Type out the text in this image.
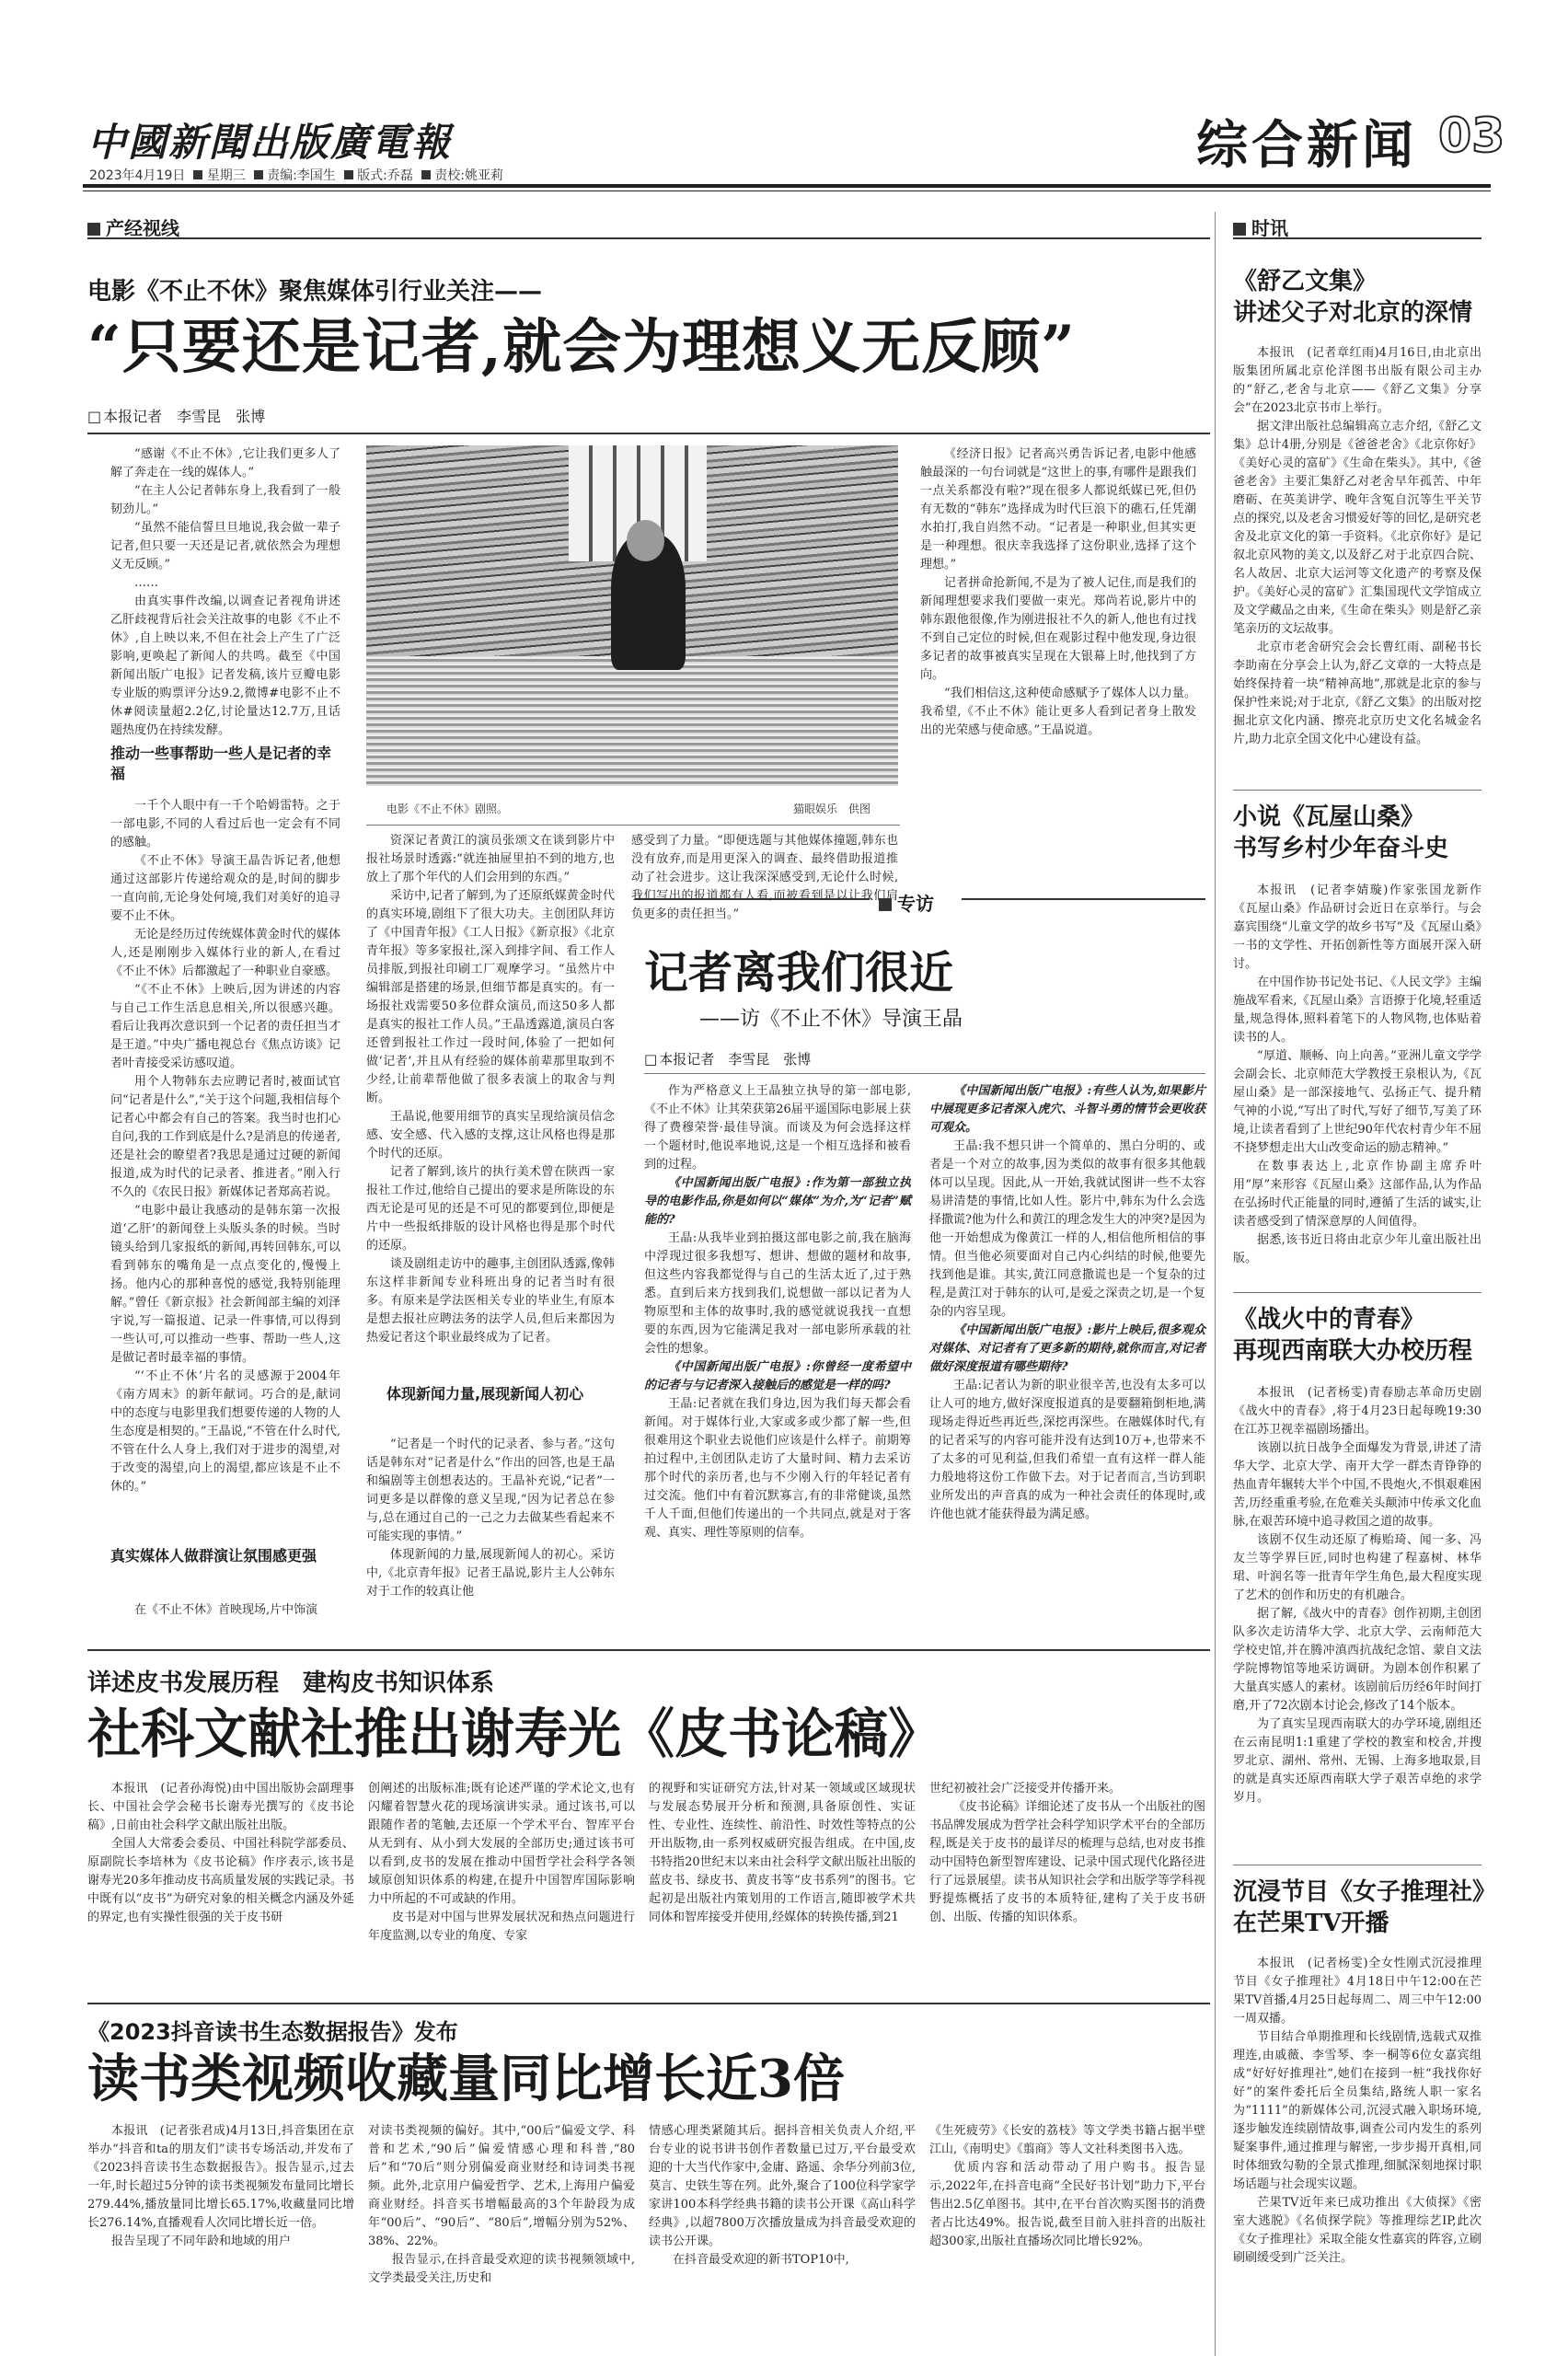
中國新聞出版廣電報
2023年4月19日 星期三 责编:李国生 版式:乔磊 责校:姚亚莉	综合新闻 03
产经视线	时讯
电影《不止不休》聚焦媒体引行业关注——
“只要还是记者,就会为理想义无反顾”
□ 本报记者　李雪昆　张博

“感谢《不止不休》,它让我们更多人了解了奔走在一线的媒体人。”

“在主人公记者韩东身上,我看到了一般韧劲儿。”

“虽然不能信誓旦旦地说,我会做一辈子记者,但只要一天还是记者,就依然会为理想义无反顾。”

……

由真实事件改编,以调查记者视角讲述乙肝歧视背后社会关注故事的电影《不止不休》,自上映以来,不但在社会上产生了广泛影响,更唤起了新闻人的共鸣。截至《中国新闻出版广电报》记者发稿,该片豆瓣电影专业版的购票评分达9.2,微博#电影不止不休#阅读量超2.2亿,讨论量达12.7万,且话题热度仍在持续发酵。

推动一些事帮助一些人是记者的幸福

一千个人眼中有一千个哈姆雷特。之于一部电影,不同的人看过后也一定会有不同的感触。

《不止不休》导演王晶告诉记者,他想通过这部影片传递给观众的是,时间的脚步一直向前,无论身处何境,我们对美好的追寻要不止不休。

无论是经历过传统媒体黄金时代的媒体人,还是刚刚步入媒体行业的新人,在看过《不止不休》后都激起了一种职业自豪感。

“《不止不休》上映后,因为讲述的内容与自己工作生活息息相关,所以很感兴趣。看后让我再次意识到一个记者的责任担当才是王道。”中央广播电视总台《焦点访谈》记者叶青接受采访感叹道。

用个人物韩东去应聘记者时,被面试官问“记者是什么”,“关于这个问题,我相信每个记者心中都会有自己的答案。我当时也扪心自问,我的工作到底是什么?是消息的传递者,还是社会的瞭望者?我思是通过过硬的新闻报道,成为时代的记录者、推进者。”刚入行不久的《农民日报》新媒体记者郑高若说。

“电影中最让我感动的是韩东第一次报道‘乙肝’的新闻登上头版头条的时候。当时镜头给到几家报纸的新闻,再转回韩东,可以看到韩东的嘴角是一点点变化的,慢慢上扬。他内心的那种喜悦的感觉,我特别能理解。”曾任《新京报》社会新闻部主编的刘泽宇说,写一篇报道、记录一件事情,可以得到一些认可,可以推动一些事、帮助一些人,这是做记者时最幸福的事情。

“‘不止不休’片名的灵感源于2004年《南方周末》的新年献词。巧合的是,献词中的态度与电影里我们想要传递的人物的人生态度是相契的。”王晶说,“不管在什么时代,不管在什么人身上,我们对于进步的渴望,对于改变的渴望,向上的渴望,都应该是不止不休的。”

真实媒体人做群演让氛围感更强

在《不止不休》首映现场,片中饰演

电影《不止不休》剧照。	猫眼娱乐　供图

资深记者黄江的演员张颂文在谈到影片中报社场景时透露:“就连抽屉里拍不到的地方,也放上了那个年代的人们会用到的东西。”

采访中,记者了解到,为了还原纸媒黄金时代的真实环境,剧组下了很大功夫。主创团队拜访了《中国青年报》《工人日报》《新京报》《北京青年报》等多家报社,深入到排字间、看工作人员排版,到报社印刷工厂观摩学习。“虽然片中编辑部是搭建的场景,但细节都是真实的。有一场报社戏需要50多位群众演员,而这50多人都是真实的报社工作人员。”王晶透露道,演员白客还曾到报社工作过一段时间,体验了一把如何做‘记者’,并且从有经验的媒体前辈那里取到不少经,让前辈帮他做了很多表演上的取舍与判断。

王晶说,他要用细节的真实呈现给演员信念感、安全感、代入感的支撑,这让风格也得是那个时代的还原。

记者了解到,该片的执行美术曾在陕西一家报社工作过,他给自己提出的要求是所陈设的东西无论是可见的还是不可见的都要到位,即便是片中一些报纸排版的设计风格也得是那个时代的还原。

谈及剧组走访中的趣事,主创团队透露,像韩东这样非新闻专业科班出身的记者当时有很多。有原来是学法医相关专业的毕业生,有原本是想去报社应聘法务的法学人员,但后来都因为热爱记者这个职业最终成为了记者。

体现新闻力量,展现新闻人初心

“记者是一个时代的记录者、参与者。”这句话是韩东对“记者是什么”作出的回答,也是王晶和编剧等主创想表达的。王晶补充说,“记者”一词更多是以群像的意义呈现,“因为记者总在参与,总在通过自己的一己之力去做某些看起来不可能实现的事情。”

体现新闻的力量,展现新闻人的初心。采访中,《北京青年报》记者王晶说,影片主人公韩东对于工作的较真让他

感受到了力量。“即便选题与其他媒体撞题,韩东也没有放弃,而是用更深入的调查、最终借助报道推动了社会进步。这让我深深感受到,无论什么时候,我们写出的报道都有人看,而被看到是以让我们肩负更多的责任担当。”

《经济日报》记者高兴勇告诉记者,电影中他感触最深的一句台词就是“这世上的事,有哪件是跟我们一点关系都没有啦?”现在很多人都说纸媒已死,但仍有无数的“韩东”选择成为时代巨浪下的礁石,任凭潮水拍打,我自岿然不动。“记者是一种职业,但其实更是一种理想。很庆幸我选择了这份职业,选择了这个理想。”

记者拼命抢新闻,不是为了被人记住,而是我们的新闻理想要求我们要做一束光。郑尚若说,影片中的韩东跟他很像,作为刚进报社不久的新人,他也有过找不到自己定位的时候,但在观影过程中他发现,身边很多记者的故事被真实呈现在大银幕上时,他找到了方向。

“我们相信这,这种使命感赋予了媒体人以力量。我希望,《不止不休》能让更多人看到记者身上散发出的光荣感与使命感。”王晶说道。

专访
记者离我们很近
——访《不止不休》导演王晶
□ 本报记者　李雪昆　张博

作为严格意义上王晶独立执导的第一部电影,《不止不休》让其荣获第26届平遥国际电影展上获得了费穆荣誉·最佳导演。而谈及为何会选择这样一个题材时,他说率地说,这是一个相互选择和被看到的过程。

《中国新闻出版广电报》:作为第一部独立执导的电影作品,你是如何以“媒体”为介,为“记者”赋能的?

王晶:从我毕业到拍摄这部电影之前,我在脑海中浮现过很多我想写、想讲、想做的题材和故事,但这些内容我都觉得与自己的生活太近了,过于熟悉。直到后来方找到我们,说想做一部以记者为人物原型和主体的故事时,我的感觉就说我找一直想要的东西,因为它能满足我对一部电影所承载的社会性的想象。

《中国新闻出版广电报》:你曾经一度希望中的记者与与记者深入接触后的感觉是一样的吗?

王晶:记者就在我们身边,因为我们每天都会看新闻。对于媒体行业,大家或多或少都了解一些,但很难用这个职业去说他们应该是什么样子。前期筹拍过程中,主创团队走访了大量时间、精力去采访那个时代的亲历者,也与不少刚入行的年轻记者有过交流。他们中有着沉默寡言,有的非常健谈,虽然千人千面,但他们传递出的一个共同点,就是对于客观、真实、理性等原则的信奉。

《中国新闻出版广电报》:有些人认为,如果影片中展现更多记者深入虎穴、斗智斗勇的情节会更收获可观众。

王晶:我不想只讲一个简单的、黑白分明的、或者是一个对立的故事,因为类似的故事有很多其他载体可以呈现。因此,从一开始,我就试图讲一些不太容易讲清楚的事情,比如人性。影片中,韩东为什么会选择撒谎?他为什么和黄江的理念发生大的冲突?是因为他一开始想成为像黄江一样的人,相信他所相信的事情。但当他必须要面对自己内心纠结的时候,他要先找到他是谁。其实,黄江同意撒谎也是一个复杂的过程,是黄江对于韩东的认可,是爱之深责之切,是一个复杂的内容呈现。

《中国新闻出版广电报》:影片上映后,很多观众对媒体、对记者有了更多新的期待,就你而言,对记者做好深度报道有哪些期待?

王晶:记者认为新的职业很辛苦,也没有太多可以让人可的地方,做好深度报道真的是要翻箱倒柜地,满现场走得近些再近些,深挖再深些。在融媒体时代,有的记者采写的内容可能并没有达到10万+,也带来不了太多的可见利益,但我们希望一直有这样一群人能力般地将这份工作做下去。对于记者而言,当访到职业所发出的声音真的成为一种社会责任的体现时,或许他也就才能获得最为满足感。

详述皮书发展历程　建构皮书知识体系
社科文献社推出谢寿光《皮书论稿》

本报讯　(记者孙海悦)由中国出版协会副理事长、中国社会学会秘书长谢寿光撰写的《皮书论稿》,日前由社会科学文献出版社出版。

全国人大常委会委员、中国社科院学部委员、原副院长李培林为《皮书论稿》作序表示,该书是谢寿光20多年推动皮书高质量发展的实践记录。书中既有以“皮书”为研究对象的相关概念内涵及外延的界定,也有实操性很强的关于皮书研

创阐述的出版标准;既有论述严谨的学术论文,也有闪耀着智慧火花的现场演讲实录。通过该书,可以跟随作者的笔触,去还原一个学术平台、智库平台从无到有、从小到大发展的全部历史;通过该书可以看到,皮书的发展在推动中国哲学社会科学各领域原创知识体系的构建,在提升中国智库国际影响力中所起的不可或缺的作用。

皮书是对中国与世界发展状况和热点问题进行年度监测,以专业的角度、专家

的视野和实证研究方法,针对某一领域或区域现状与发展态势展开分析和预测,具备原创性、实证性、专业性、连续性、前沿性、时效性等特点的公开出版物,由一系列权威研究报告组成。在中国,皮书特指20世纪末以来由社会科学文献出版社出版的蓝皮书、绿皮书、黄皮书等“皮书系列”的图书。它起初是出版社内策划用的工作语言,随即被学术共同体和智库接受并使用,经媒体的转换传播,到21

世纪初被社会广泛接受并传播开来。

《皮书论稿》详细论述了皮书从一个出版社的图书品牌发展成为哲学社会科学知识学术平台的全部历程,既是关于皮书的最详尽的梳理与总结,也对皮书推动中国特色新型智库建设、记录中国式现代化路径进行了远景展望。读书从知识社会学和出版学等学科视野提炼概括了皮书的本质特征,建构了关于皮书研创、出版、传播的知识体系。

《2023抖音读书生态数据报告》发布
读书类视频收藏量同比增长近3倍

本报讯　(记者张君成)4月13日,抖音集团在京举办“抖音和ta的朋友们”读书专场活动,并发布了《2023抖音读书生态数据报告》。报告显示,过去一年,时长超过5分钟的读书类视频发布量同比增长279.44%,播放量同比增长65.17%,收藏量同比增长276.14%,直播观看人次同比增长近一倍。

报告呈现了不同年龄和地域的用户

对读书类视频的偏好。其中,“00后”偏爱文学、科普和艺术,“90后”偏爱情感心理和科普,“80后”和“70后”则分别偏爱商业财经和诗词类书视频。此外,北京用户偏爱哲学、艺术,上海用户偏爱商业财经。抖音买书增幅最高的3个年龄段为成年“00后”、“90后”、“80后”,增幅分别为52%、38%、22%。

报告显示,在抖音最受欢迎的读书视频领域中,文学类最受关注,历史和

情感心理类紧随其后。据抖音相关负责人介绍,平台专业的说书讲书创作者数量已过万,平台最受欢迎的十大当代作家中,金庸、路遥、余华分列前3位,莫言、史铁生等在列。此外,聚合了100位科学家学家讲100本科学经典书籍的读书公开课《高山科学经典》,以超7800万次播放量成为抖音最受欢迎的读书公开课。

在抖音最受欢迎的新书TOP10中,

《生死疲劳》《长安的荔枝》等文学类书籍占据半壁江山,《南明史》《翦商》等人文社科类图书入选。

优质内容和活动带动了用户购书。报告显示,2022年,在抖音电商“全民好书计划”助力下,平台售出2.5亿单图书。其中,在平台首次购买图书的消费者占比达49%。报告说,截至目前入驻抖音的出版社超300家,出版社直播场次同比增长92%。

《舒乙文集》
讲述父子对北京的深情

本报讯　(记者章红雨)4月16日,由北京出版集团所属北京伦洋图书出版有限公司主办的“舒乙,老舍与北京——《舒乙文集》分享会”在2023北京书市上举行。

据文津出版社总编辑高立志介绍,《舒乙文集》总计4册,分别是《爸爸老舍》《北京你好》《美好心灵的富矿》《生命在柴头》。其中,《爸爸老舍》主要汇集舒乙对老舍早年孤苦、中年磨砺、在英美讲学、晚年含冤自沉等生平关节点的探究,以及老舍习惯爱好等的回忆,是研究老舍及北京文化的第一手资料。《北京你好》是记叙北京风物的美文,以及舒乙对于北京四合院、名人故居、北京大运河等文化遗产的考察及保护。《美好心灵的富矿》汇集国现代文学馆成立及文学藏品之由来,《生命在柴头》则是舒乙亲笔亲历的文坛故事。

北京市老舍研究会会长曹红雨、副秘书长李助南在分享会上认为,舒乙文章的一大特点是始终保持着一块“精神高地”,那就是北京的参与保护性来说;对于北京,《舒乙文集》的出版对挖掘北京文化内涵、擦亮北京历史文化名城金名片,助力北京全国文化中心建设有益。

小说《瓦屋山桑》
书写乡村少年奋斗史

本报讯　(记者李婧璇)作家张国龙新作《瓦屋山桑》作品研讨会近日在京举行。与会嘉宾围绕“儿童文学的故乡书写”及《瓦屋山桑》一书的文学性、开拓创新性等方面展开深入研讨。

在中国作协书记处书记、《人民文学》主编施战军看来,《瓦屋山桑》言语撩于化境,轻重适量,规急得体,照料着笔下的人物风物,也体贴着读书的人。

“厚道、顺畅、向上向善。”亚洲儿童文学学会副会长、北京师范大学教授王泉根认为,《瓦屋山桑》是一部深接地气、弘扬正气、提升精气神的小说,“写出了时代,写好了细节,写美了环境,让读者看到了上世纪90年代农村青少年不屈不挠梦想走出大山改变命运的励志精神。”

在数事表达上,北京作协副主席乔叶用“厚”来形容《瓦屋山桑》这部作品,认为作品在弘扬时代正能量的同时,遵循了生活的诚实,让读者感受到了情深意厚的人间值得。

据悉,该书近日将由北京少年儿童出版社出版。

《战火中的青春》
再现西南联大办校历程

本报讯　(记者杨雯)青春励志革命历史剧《战火中的青春》,将于4月23日起每晚19:30在江苏卫视幸福剧场播出。

该剧以抗日战争全面爆发为背景,讲述了清华大学、北京大学、南开大学一群杰青铮铮的热血青年辗转大半个中国,不畏炮火,不惧艰难困苦,历经重重考验,在危难关头颠沛中传承文化血脉,在艰苦环境中追寻救国之道的故事。

该剧不仅生动还原了梅贻琦、闻一多、冯友兰等学界巨匠,同时也构建了程嘉树、林华珺、叶润名等一批青年学生角色,最大程度实现了艺术的创作和历史的有机融合。

据了解,《战火中的青春》创作初期,主创团队多次走访清华大学、北京大学、云南师范大学校史馆,并在腾冲滇西抗战纪念馆、蒙自文法学院博物馆等地采访调研。为剧本创作积累了大量真实感人的素材。该剧前后历经6年时间打磨,开了72次剧本讨论会,修改了14个版本。

为了真实呈现西南联大的办学环境,剧组还在云南昆明1:1重建了学校的教室和校舍,并搜罗北京、湖州、常州、无锡、上海多地取景,目的就是真实还原西南联大学子艰苦卓绝的求学岁月。

沉浸节目《女子推理社》
在芒果TV开播

本报讯　(记者杨雯)全女性刚式沉浸推理节目《女子推理社》4月18日中午12:00在芒果TV首播,4月25日起每周二、周三中午12:00一周双播。

节目结合单期推理和长线剧情,选载式双推理连,由戚薇、李雪琴、李一桐等6位女嘉宾组成“好好好推理社”,她们在接到一桩“我找你好好”的案件委托后全员集结,路统人职一家名为“1111”的新媒体公司,沉浸式融入职场环境,逐步触发连续剧情故事,调查公司内发生的系列疑案事件,通过推理与解密,一步步揭开真相,同时体细致勾勒的全景式推理,细腻深刻地探讨职场话题与社会现实议题。

芒果TV近年来已成功推出《大侦探》《密室大逃脱》《名侦探学院》等推理综艺IP,此次《女子推理社》采取全能女性嘉宾的阵容,立刷刷刷缓受到广泛关注。
